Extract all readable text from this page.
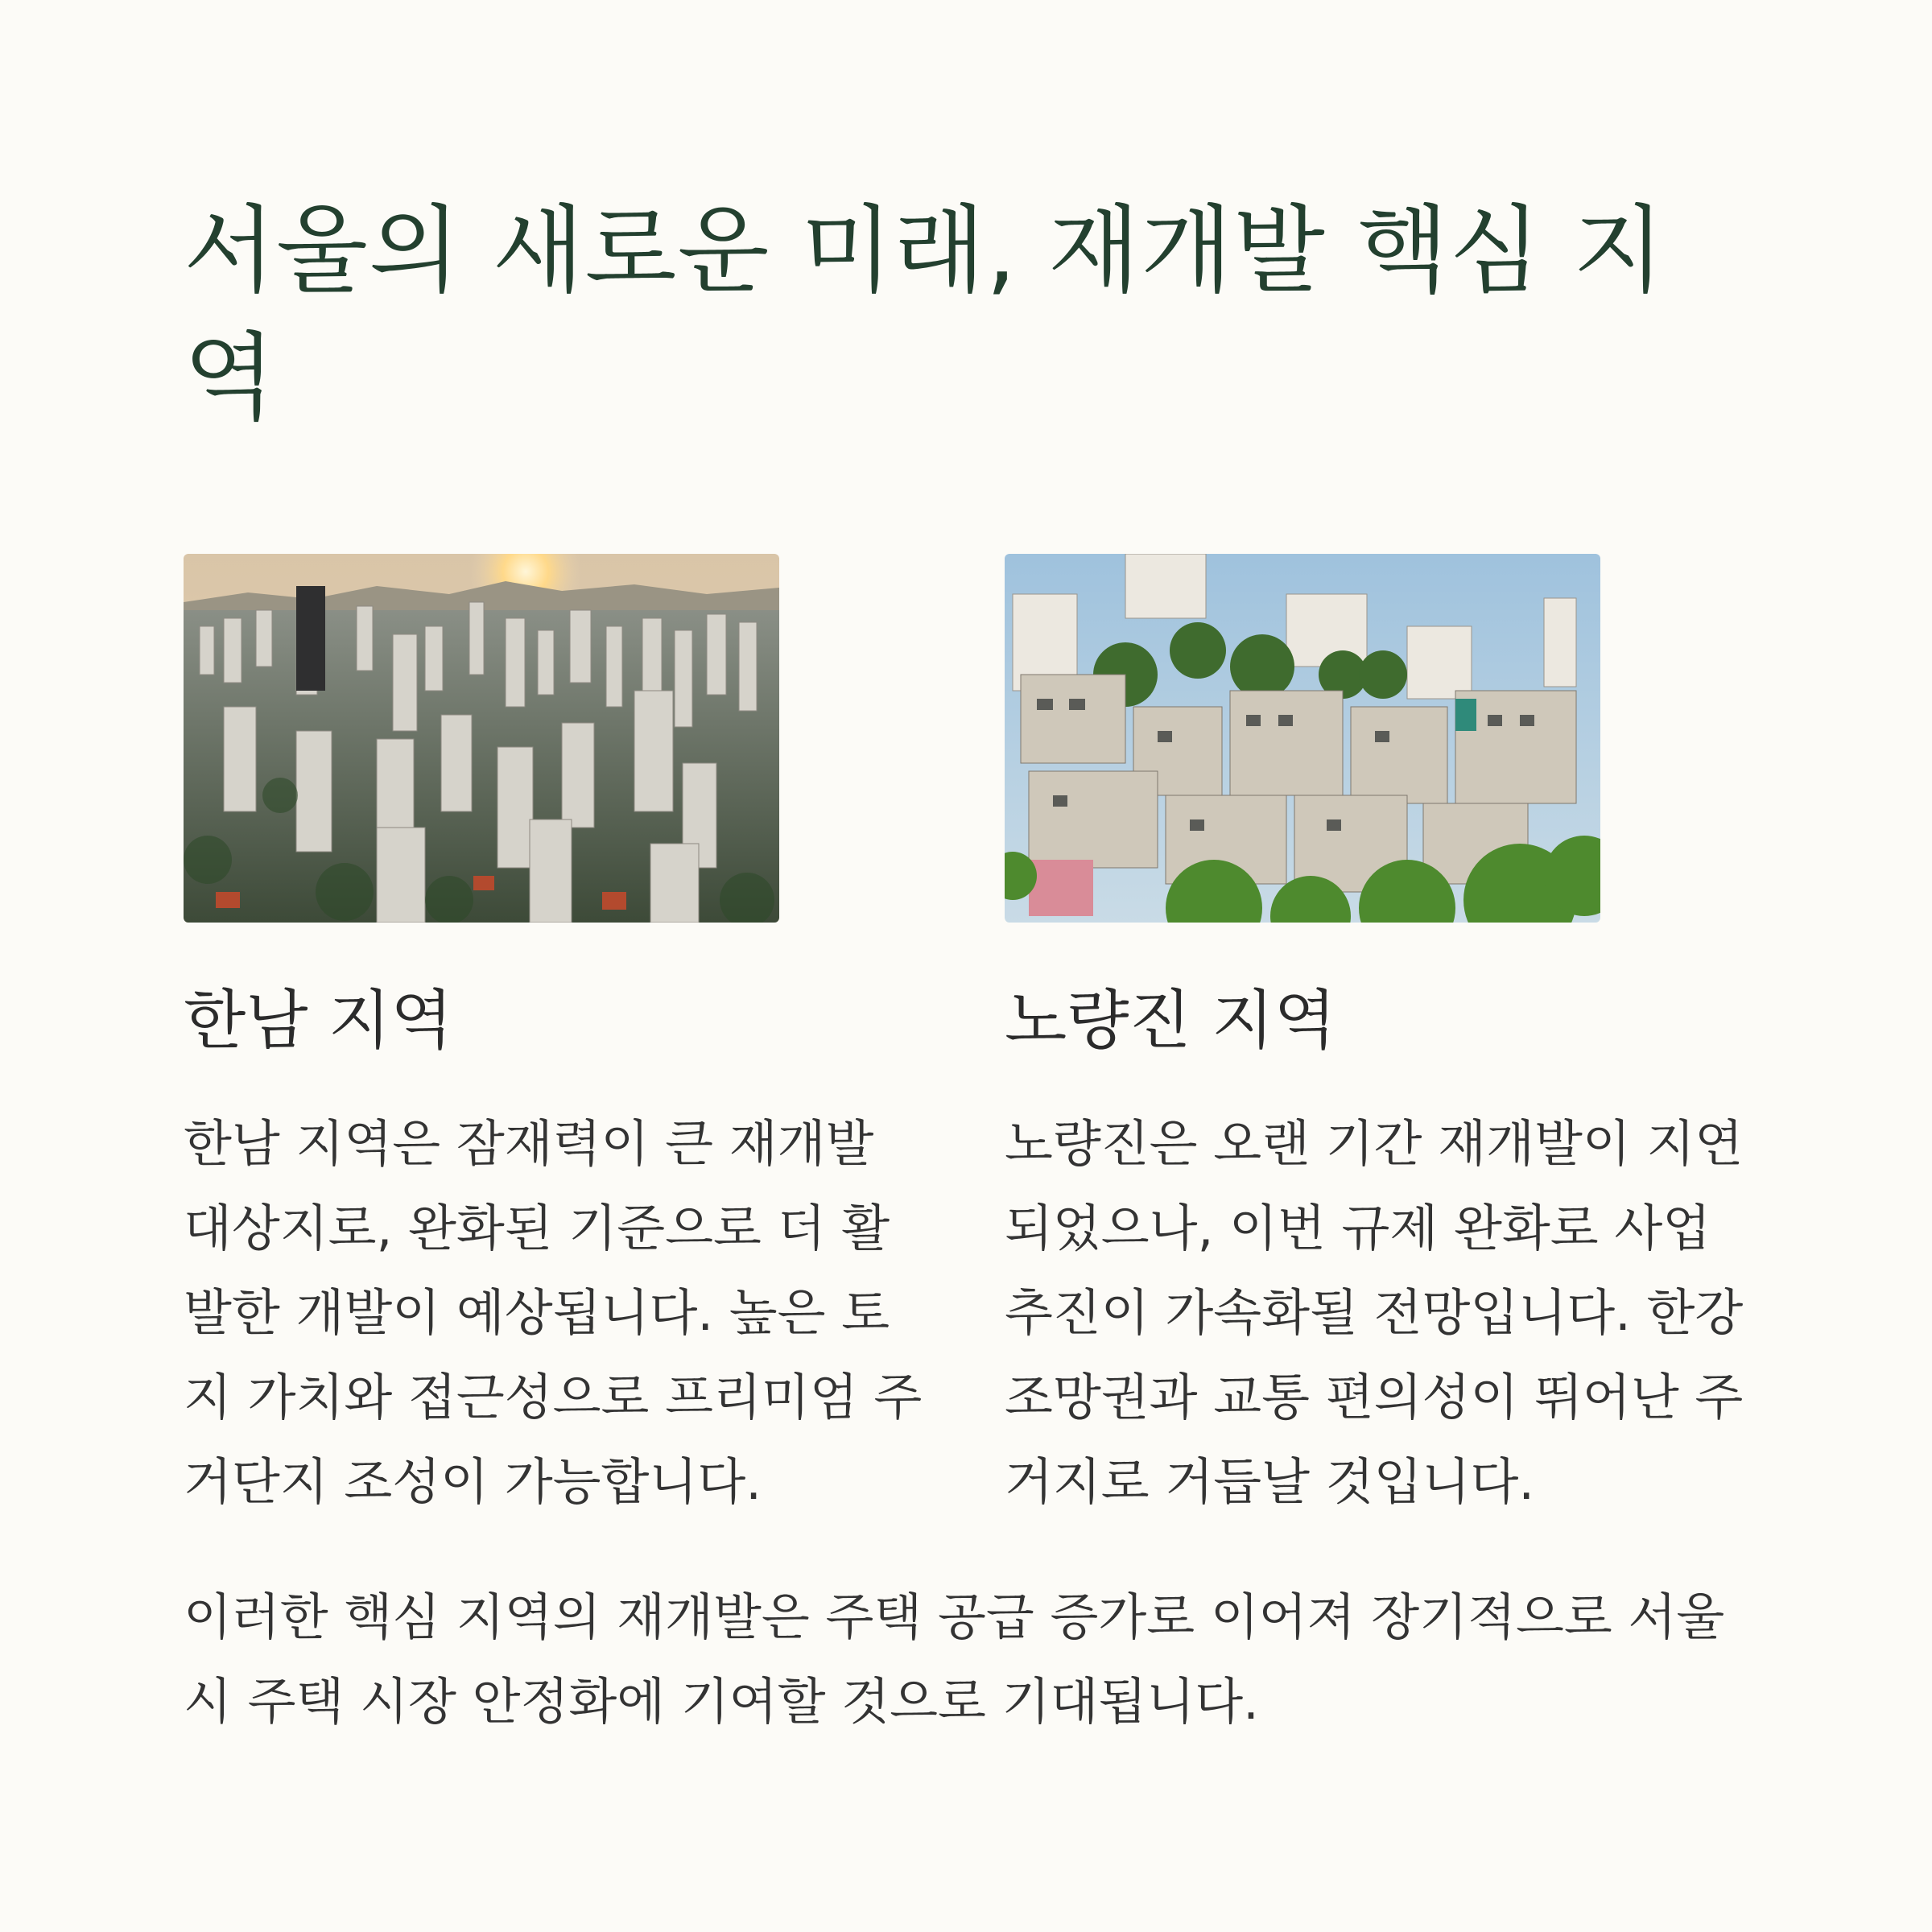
서울의 새로운 미래, 재개발 핵심 지역
한남 지역

한남 지역은 잠재력이 큰 재개발 대상지로, 완화된 기준으로 더 활발한 개발이 예상됩니다. 높은 토지 가치와 접근성으로 프리미엄 주거단지 조성이 가능합니다.

노량진 지역

노량진은 오랜 기간 재개발이 지연되었으나, 이번 규제 완화로 사업 추진이 가속화될 전망입니다. 한강 조망권과 교통 편의성이 뛰어난 주거지로 거듭날 것입니다.

이러한 핵심 지역의 재개발은 주택 공급 증가로 이어져 장기적으로 서울시 주택 시장 안정화에 기여할 것으로 기대됩니다.
